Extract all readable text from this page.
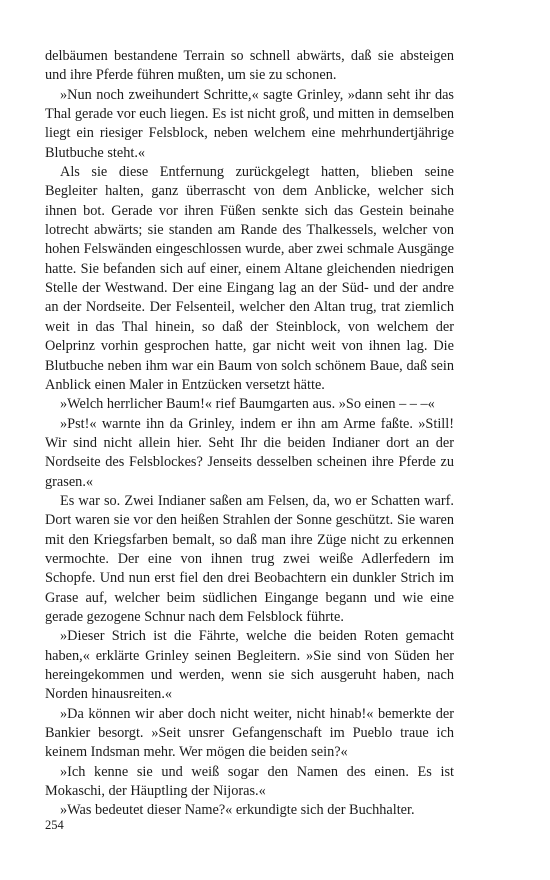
delbäumen bestandene Terrain so schnell abwärts, daß sie absteigen und ihre Pferde führen mußten, um sie zu schonen.

»Nun noch zweihundert Schritte,« sagte Grinley, »dann seht ihr das Thal gerade vor euch liegen. Es ist nicht groß, und mitten in demselben liegt ein riesiger Felsblock, neben welchem eine mehrhundertjährige Blutbuche steht.«

Als sie diese Entfernung zurückgelegt hatten, blieben seine Begleiter halten, ganz überrascht von dem Anblicke, welcher sich ihnen bot. Gerade vor ihren Füßen senkte sich das Gestein beinahe lotrecht abwärts; sie standen am Rande des Thalkessels, welcher von hohen Felswänden eingeschlossen wurde, aber zwei schmale Ausgänge hatte. Sie befanden sich auf einer, einem Altane gleichenden niedrigen Stelle der Westwand. Der eine Eingang lag an der Süd- und der andre an der Nordseite. Der Felsenteil, welcher den Altan trug, trat ziemlich weit in das Thal hinein, so daß der Steinblock, von welchem der Oelprinz vorhin gesprochen hatte, gar nicht weit von ihnen lag. Die Blutbuche neben ihm war ein Baum von solch schönem Baue, daß sein Anblick einen Maler in Entzücken versetzt hätte.

»Welch herrlicher Baum!« rief Baumgarten aus. »So einen – – –«

»Pst!« warnte ihn da Grinley, indem er ihn am Arme faßte. »Still! Wir sind nicht allein hier. Seht Ihr die beiden Indianer dort an der Nordseite des Felsblockes? Jenseits desselben scheinen ihre Pferde zu grasen.«

Es war so. Zwei Indianer saßen am Felsen, da, wo er Schatten warf. Dort waren sie vor den heißen Strahlen der Sonne geschützt. Sie waren mit den Kriegsfarben bemalt, so daß man ihre Züge nicht zu erkennen vermochte. Der eine von ihnen trug zwei weiße Adlerfedern im Schopfe. Und nun erst fiel den drei Beobachtern ein dunkler Strich im Grase auf, welcher beim südlichen Eingange begann und wie eine gerade gezogene Schnur nach dem Felsblock führte.

»Dieser Strich ist die Fährte, welche die beiden Roten gemacht haben,« erklärte Grinley seinen Begleitern. »Sie sind von Süden her hereingekommen und werden, wenn sie sich ausgeruht haben, nach Norden hinausreiten.«

»Da können wir aber doch nicht weiter, nicht hinab!« bemerkte der Bankier besorgt. »Seit unsrer Gefangenschaft im Pueblo traue ich keinem Indsman mehr. Wer mögen die beiden sein?«

»Ich kenne sie und weiß sogar den Namen des einen. Es ist Mokaschi, der Häuptling der Nijoras.«

»Was bedeutet dieser Name?« erkundigte sich der Buchhalter.

254
